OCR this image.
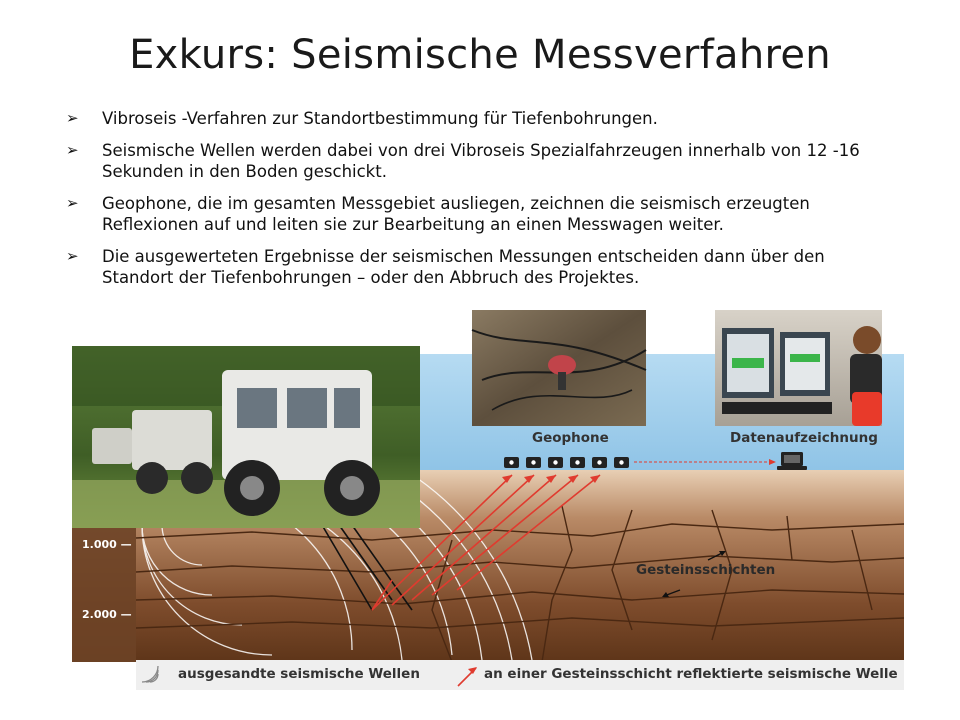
Exkurs: Seismische Messverfahren
➢	Vibroseis -Verfahren zur Standortbestimmung für Tiefenbohrungen.
➢	Seismische Wellen werden dabei von drei Vibroseis Spezialfahrzeugen innerhalb von 12 -16 Sekunden in den Boden geschickt.
➢	Geophone, die im gesamten Messgebiet ausliegen, zeichnen die seismisch erzeugten Reflexionen auf und leiten sie zur Bearbeitung an einen Messwagen weiter.
➢	Die ausgewerteten Ergebnisse der seismischen Messungen entscheiden dann über den Standort der Tiefenbohrungen – oder den Abbruch des Projektes.
Geophone	Datenaufzeichnung
Gesteinsschichten
1.000 —
2.000 —
ausgesandte seismische Wellen	an einer Gesteinsschicht reflektierte seismische Welle
